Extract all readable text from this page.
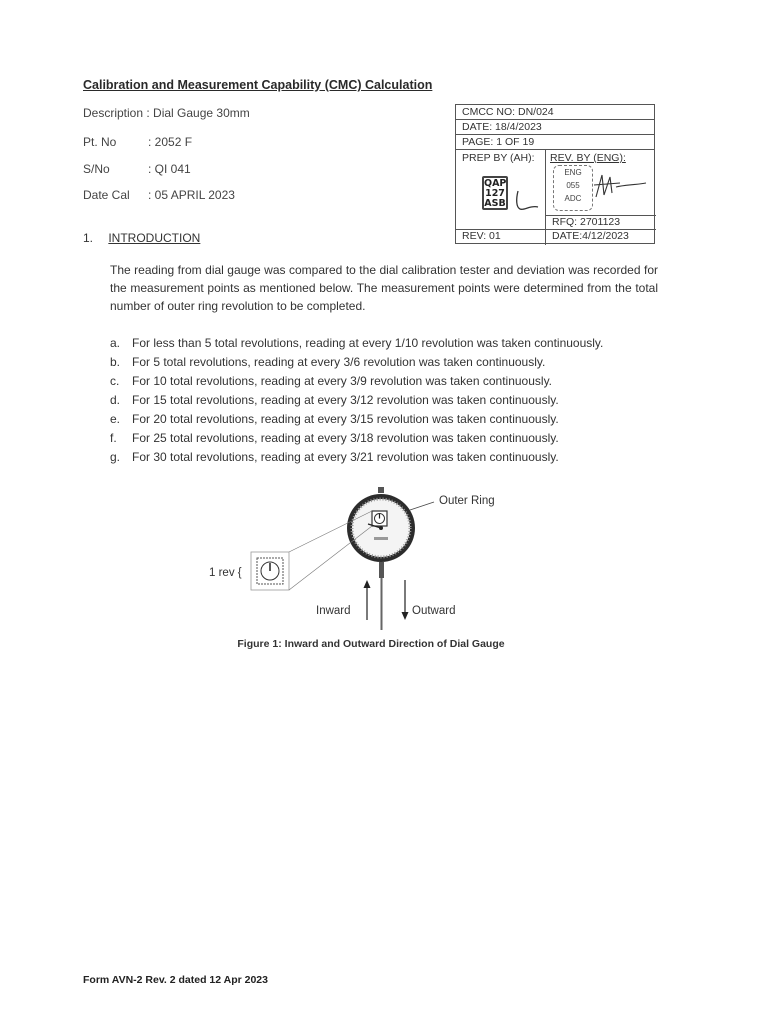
Calibration and Measurement Capability (CMC) Calculation
Description : Dial Gauge 30mm
Pt. No	: 2052 F
S/No	: QI 041
Date Cal : 05 APRIL 2023
CMCC NO: DN/024
DATE: 18/4/2023
PAGE: 1 OF 19
PREP BY (AH): REV. BY (ENG):
QAP
127
ASB
ENG
055
ADC
RFQ: 2701123
REV: 01	DATE:4/12/2023
1. INTRODUCTION
The reading from dial gauge was compared to the dial calibration tester and deviation was recorded for the measurement points as mentioned below. The measurement points were determined from the total number of outer ring revolution to be completed.
a. For less than 5 total revolutions, reading at every 1/10 revolution was taken continuously.
b. For 5 total revolutions, reading at every 3/6 revolution was taken continuously.
c. For 10 total revolutions, reading at every 3/9 revolution was taken continuously.
d. For 15 total revolutions, reading at every 3/12 revolution was taken continuously.
e. For 20 total revolutions, reading at every 3/15 revolution was taken continuously.
f. For 25 total revolutions, reading at every 3/18 revolution was taken continuously.
g. For 30 total revolutions, reading at every 3/21 revolution was taken continuously.
Outer Ring
1 rev {
Inward	Outward
Figure 1: Inward and Outward Direction of Dial Gauge
Form AVN-2 Rev. 2 dated 12 Apr 2023
